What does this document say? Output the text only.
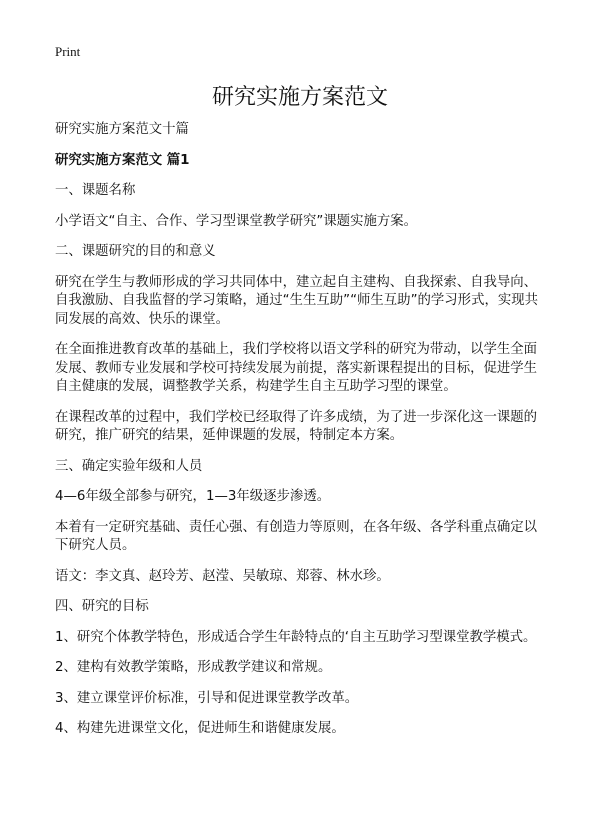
Print
研究实施方案范文

研究实施方案范文十篇

研究实施方案范文 篇1

一、课题名称

小学语文“自主、合作、学习型课堂教学研究”课题实施方案。

二、课题研究的目的和意义

研究在学生与教师形成的学习共同体中，建立起自主建构、自我探索、自我导向、自我激励、自我监督的学习策略，通过“生生互助”“师生互助”的学习形式，实现共同发展的高效、快乐的课堂。

在全面推进教育改革的基础上，我们学校将以语文学科的研究为带动，以学生全面发展、教师专业发展和学校可持续发展为前提，落实新课程提出的目标，促进学生自主健康的发展，调整教学关系，构建学生自主互助学习型的课堂。

在课程改革的过程中，我们学校已经取得了许多成绩，为了进一步深化这一课题的研究，推广研究的结果，延伸课题的发展，特制定本方案。

三、确定实验年级和人员

4—6年级全部参与研究，1—3年级逐步渗透。

本着有一定研究基础、责任心强、有创造力等原则，在各年级、各学科重点确定以下研究人员。

语文：李文真、赵玲芳、赵滢、吴敏琼、郑蓉、林水珍。

四、研究的目标

1、研究个体教学特色，形成适合学生年龄特点的‘自主互助学习型课堂教学模式。

2、建构有效教学策略，形成教学建议和常规。

3、建立课堂评价标准，引导和促进课堂教学改革。

4、构建先进课堂文化，促进师生和谐健康发展。
